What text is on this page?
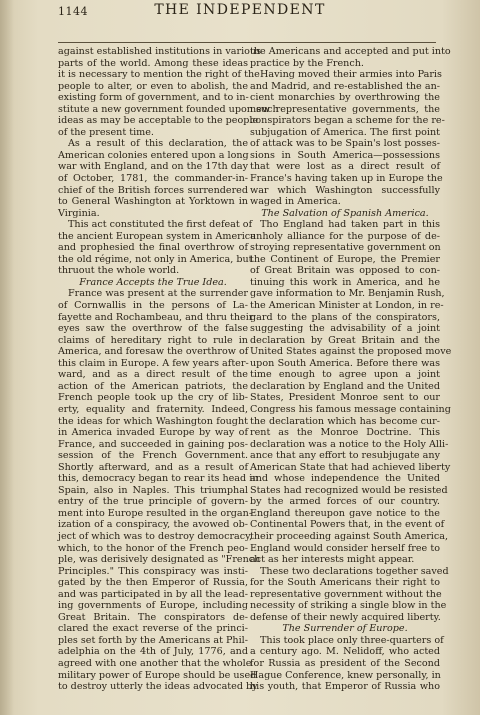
1144	THE INDEPENDENT
against established institutions in various
parts of the world. Among these ideas
it is necessary to mention the right of the
people to alter, or even to abolish, the
existing form of government, and to in-
stitute a new government founded upon such
ideas as may be acceptable to the people
of the present time.
As a result of this declaration, the
American colonies entered upon a long
war with England, and on the 17th day
of October, 1781, the commander-in-
chief of the British forces surrendered
to General Washington at Yorktown in
Virginia.
This act constituted the first defeat of
the ancient European system in America
and prophesied the final overthrow of
the old régime, not only in America, but
thruout the whole world.
France Accepts the True Idea.
France was present at the surrender
of Cornwallis in the persons of La-
fayette and Rochambeau, and thru their
eyes saw the overthrow of the false
claims of hereditary right to rule in
America, and foresaw the overthrow of
this claim in Europe. A few years after-
ward, and as a direct result of the
action of the American patriots, the
French people took up the cry of lib-
erty, equality and fraternity. Indeed,
the ideas for which Washington fought
in America invaded Europe by way of
France, and succeeded in gaining pos-
session of the French Government.
Shortly afterward, and as a result of
this, democracy began to rear its head in
Spain, also in Naples. This triumphal
entry of the true principle of govern-
ment into Europe resulted in the organ-
ization of a conspiracy, the avowed ob-
ject of which was to destroy democracy,
which, to the honor of the French peo-
ple, was derisively designated as "French
Principles." This conspiracy was insti-
gated by the then Emperor of Russia,
and was participated in by all the lead-
ing governments of Europe, including
Great Britain. The conspirators de-
clared the exact reverse of the princi-
ples set forth by the Americans at Phil-
adelphia on the 4th of July, 1776, and
agreed with one another that the whole
military power of Europe should be used
to destroy utterly the ideas advocated by
the Americans and accepted and put into
practice by the French.
Having moved their armies into Paris
and Madrid, and re-established the an-
cient monarchies by overthrowing the
new representative governments, the
conspirators began a scheme for the re-
subjugation of America. The first point
of attack was to be Spain's lost posses-
sions in South America—possessions
that were lost as a direct result of
France's having taken up in Europe the
war which Washington successfully
waged in America.
The Salvation of Spanish America.
Tho England had taken part in this
unholy alliance for the purpose of de-
stroying representative government on
the Continent of Europe, the Premier
of Great Britain was opposed to con-
tinuing this work in America, and he
gave information to Mr. Benjamin Rush,
the American Minister at London, in re-
gard to the plans of the conspirators,
suggesting the advisability of a joint
declaration by Great Britain and the
United States against the proposed move
upon South America. Before there was
time enough to agree upon a joint
declaration by England and the United
States, President Monroe sent to our
Congress his famous message containing
the declaration which has become cur-
rent as the Monroe Doctrine. This
declaration was a notice to the Holy Alli-
ance that any effort to resubjugate any
American State that had achieved liberty
and whose independence the United
States had recognized would be resisted
by the armed forces of our country.
England thereupon gave notice to the
Continental Powers that, in the event of
their proceeding against South America,
England would consider herself free to
act as her interests might appear.
These two declarations together saved
for the South Americans their right to
representative government without the
necessity of striking a single blow in the
defense of their newly acquired liberty.
The Surrender of Europe.
This took place only three-quarters of
a century ago. M. Nelidoff, who acted
for Russia as president of the Second
Hague Conference, knew personally, in
his youth, that Emperor of Russia who
